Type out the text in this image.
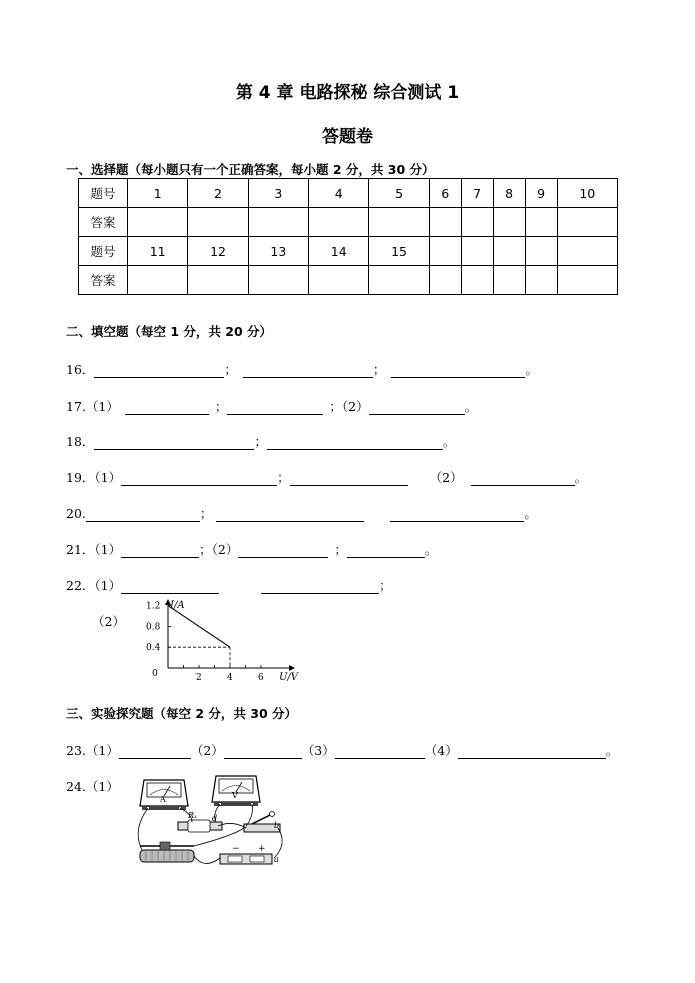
第 4 章 电路探秘 综合测试 1
答题卷
一、选择题（每小题只有一个正确答案，每小题 2 分，共 30 分）
题号	1	2	3	4	5	6	7	8	9	10
答案										
题号	11	12	13	14	15					
答案										
二、填空题（每空 1 分，共 20 分）
16．	；	；	。
17.（1）	；	；（2）	。
18．	；	。
19．（1）	；	（2）	。
20.	；	。
21．（1）	；（2）	；	。
22．（1）	；
（2）
I/A
U/V
0
1.2
0.8
0.4
2	4	6
三、实验探究题（每空 2 分，共 30 分）
23.（1）	（2）	（3）	（4）	。
24.（1）
A	V
Rₓ d
c	b
− +
a
